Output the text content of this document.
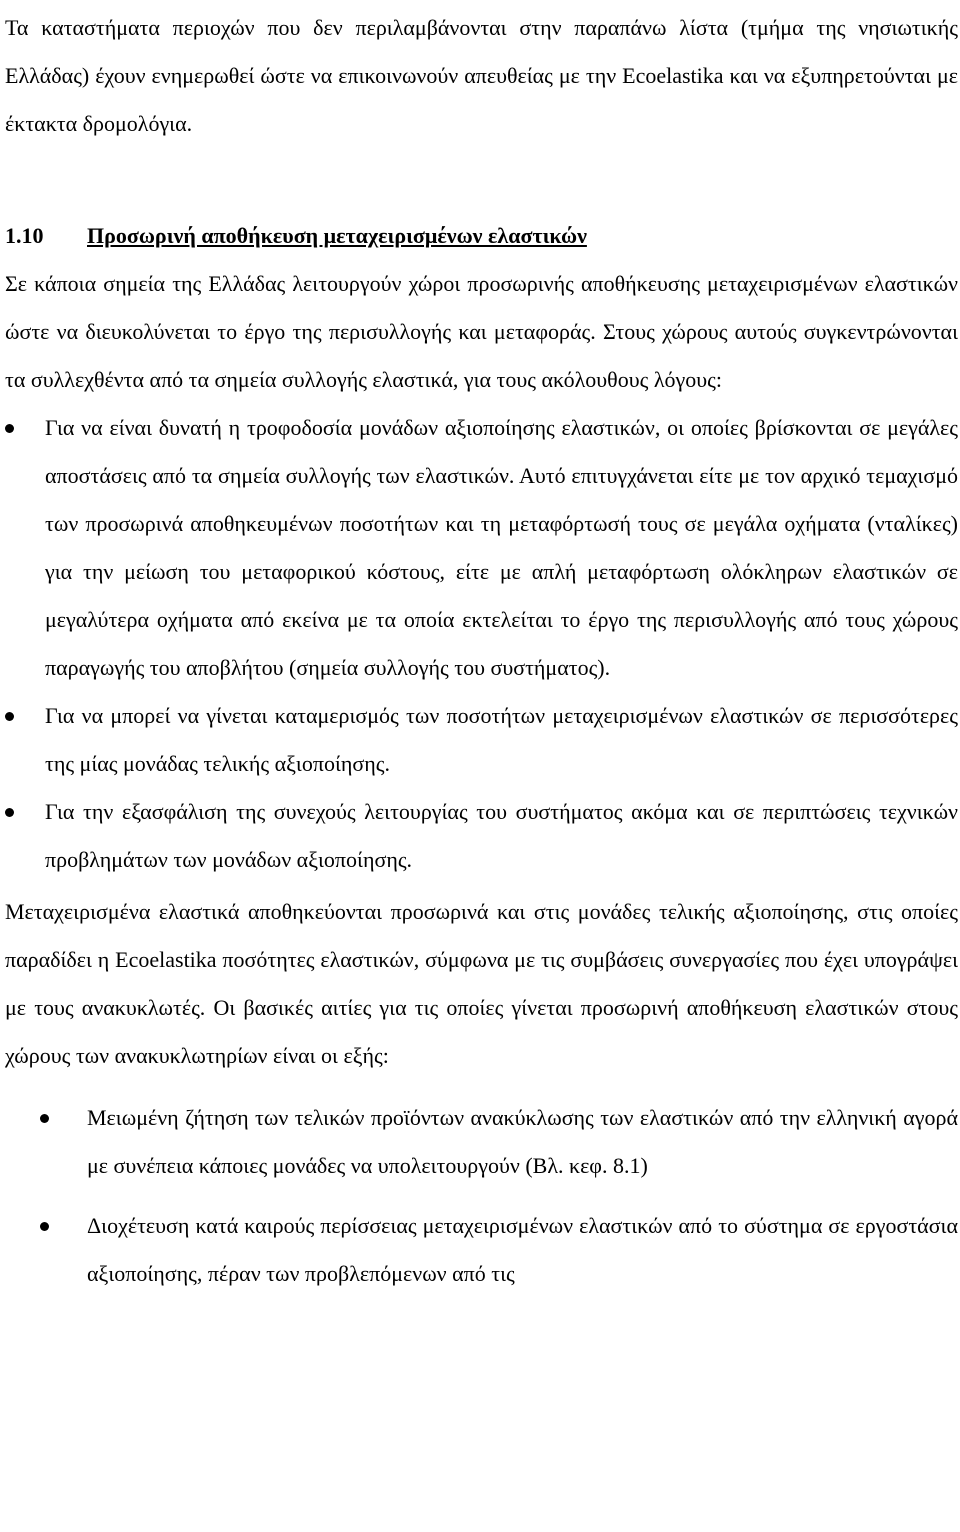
Τα καταστήματα περιοχών που δεν περιλαμβάνονται στην παραπάνω λίστα (τμήμα της νησιωτικής Ελλάδας) έχουν ενημερωθεί ώστε να επικοινωνούν απευθείας με την Ecoelastika και να εξυπηρετούνται με έκτακτα δρομολόγια.

1.10 Προσωρινή αποθήκευση μεταχειρισμένων ελαστικών

Σε κάποια σημεία της Ελλάδας λειτουργούν χώροι προσωρινής αποθήκευσης μεταχειρισμένων ελαστικών ώστε να διευκολύνεται το έργο της περισυλλογής και μεταφοράς. Στους χώρους αυτούς συγκεντρώνονται τα συλλεχθέντα από τα σημεία συλλογής ελαστικά, για τους ακόλουθους λόγους:

Για να είναι δυνατή η τροφοδοσία μονάδων αξιοποίησης ελαστικών, οι οποίες βρίσκονται σε μεγάλες αποστάσεις από τα σημεία συλλογής των ελαστικών. Αυτό επιτυγχάνεται είτε με τον αρχικό τεμαχισμό των προσωρινά αποθηκευμένων ποσοτήτων και τη μεταφόρτωσή τους σε μεγάλα οχήματα (νταλίκες) για την μείωση του μεταφορικού κόστους, είτε με απλή μεταφόρτωση ολόκληρων ελαστικών σε μεγαλύτερα οχήματα από εκείνα με τα οποία εκτελείται το έργο της περισυλλογής από τους χώρους παραγωγής του αποβλήτου (σημεία συλλογής του συστήματος).
Για να μπορεί να γίνεται καταμερισμός των ποσοτήτων μεταχειρισμένων ελαστικών σε περισσότερες της μίας μονάδας τελικής αξιοποίησης.
Για την εξασφάλιση της συνεχούς λειτουργίας του συστήματος ακόμα και σε περιπτώσεις τεχνικών προβλημάτων των μονάδων αξιοποίησης.

Μεταχειρισμένα ελαστικά αποθηκεύονται προσωρινά και στις μονάδες τελικής αξιοποίησης, στις οποίες παραδίδει η Ecoelastika ποσότητες ελαστικών, σύμφωνα με τις συμβάσεις συνεργασίες που έχει υπογράψει με τους ανακυκλωτές. Οι βασικές αιτίες για τις οποίες γίνεται προσωρινή αποθήκευση ελαστικών στους χώρους των ανακυκλωτηρίων είναι οι εξής:

Μειωμένη ζήτηση των τελικών προϊόντων ανακύκλωσης των ελαστικών από την ελληνική αγορά με συνέπεια κάποιες μονάδες να υπολειτουργούν (Βλ. κεφ. 8.1)
Διοχέτευση κατά καιρούς περίσσειας μεταχειρισμένων ελαστικών από το σύστημα σε εργοστάσια αξιοποίησης, πέραν των προβλεπόμενων από τις
